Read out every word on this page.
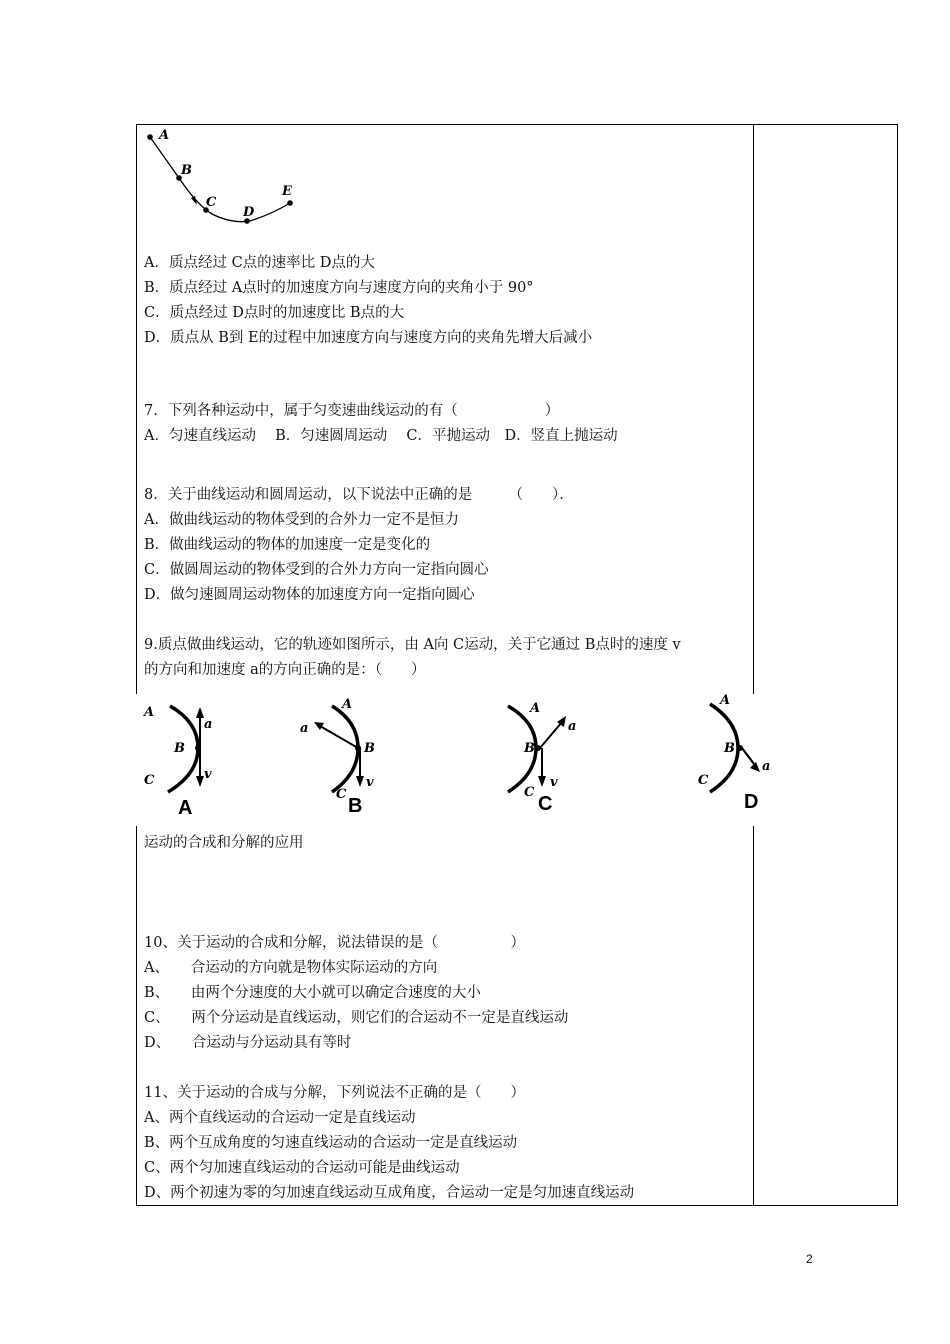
A
B
C
D
E
A．质点经过 C点的速率比 D点的大
B．质点经过 A点时的加速度方向与速度方向的夹角小于 90°
C．质点经过 D点时的加速度比 B点的大
D．质点从 B到 E的过程中加速度方向与速度方向的夹角先增大后减小
7．下列各种运动中，属于匀变速曲线运动的有（　　　　　　）
A．匀速直线运动　 B．匀速圆周运动　 C．平抛运动　D．竖直上抛运动
8．关于曲线运动和圆周运动，以下说法中正确的是　　　（　　）．
A．做曲线运动的物体受到的合外力一定不是恒力
B．做曲线运动的物体的加速度一定是变化的
C．做圆周运动的物体受到的合外力方向一定指向圆心
D．做匀速圆周运动物体的加速度方向一定指向圆心
9.质点做曲线运动，它的轨迹如图所示，由 A向 C运动，关于它通过 B点时的速度 v
的方向和加速度 a的方向正确的是：（　　）
A
B
C
a
v
A
A
B
C
a
v
B
A
B
C
a
v
C
A
B
C
a
D
运动的合成和分解的应用
10、关于运动的合成和分解，说法错误的是（　　　　　）
A、　　合运动的方向就是物体实际运动的方向
B、　　由两个分速度的大小就可以确定合速度的大小
C、　　两个分运动是直线运动，则它们的合运动不一定是直线运动
D、　　合运动与分运动具有等时
11、关于运动的合成与分解，下列说法不正确的是（　　）
A、两个直线运动的合运动一定是直线运动
B、两个互成角度的匀速直线运动的合运动一定是直线运动
C、两个匀加速直线运动的合运动可能是曲线运动
D、两个初速为零的匀加速直线运动互成角度，合运动一定是匀加速直线运动
2
